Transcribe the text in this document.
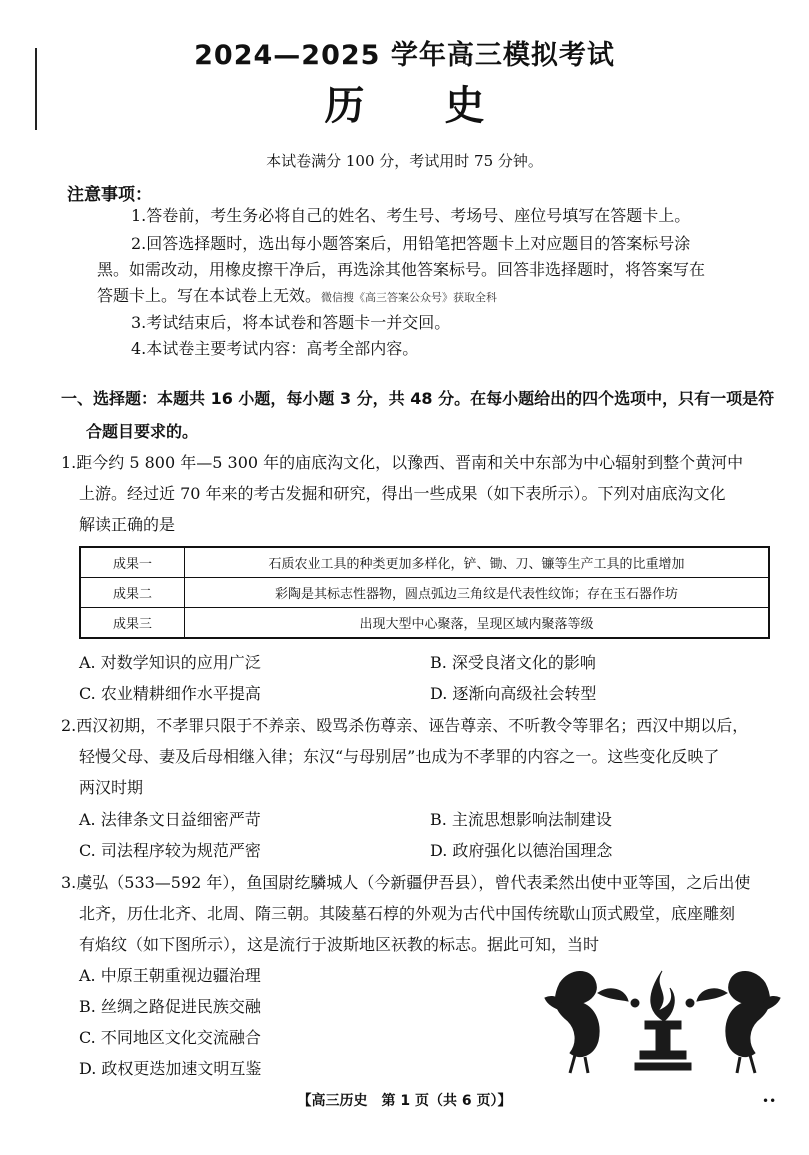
2024—2025 学年高三模拟考试
历　　史
本试卷满分 100 分，考试用时 75 分钟。
注意事项：
1.答卷前，考生务必将自己的姓名、考生号、考场号、座位号填写在答题卡上。
2.回答选择题时，选出每小题答案后，用铅笔把答题卡上对应题目的答案标号涂
黑。如需改动，用橡皮擦干净后，再选涂其他答案标号。回答非选择题时，将答案写在
答题卡上。写在本试卷上无效。微信搜《高三答案公众号》获取全科
3.考试结束后，将本试卷和答题卡一并交回。
4.本试卷主要考试内容：高考全部内容。
一、选择题：本题共 16 小题，每小题 3 分，共 48 分。在每小题给出的四个选项中，只有一项是符
合题目要求的。
1.距今约 5 800 年—5 300 年的庙底沟文化，以豫西、晋南和关中东部为中心辐射到整个黄河中
上游。经过近 70 年来的考古发掘和研究，得出一些成果（如下表所示）。下列对庙底沟文化
解读正确的是
成果一	石质农业工具的种类更加多样化，铲、锄、刀、镰等生产工具的比重增加
成果二	彩陶是其标志性器物，圆点弧边三角纹是代表性纹饰；存在玉石器作坊
成果三	出现大型中心聚落，呈现区域内聚落等级
A. 对数学知识的应用广泛	B. 深受良渚文化的影响
C. 农业精耕细作水平提高	D. 逐渐向高级社会转型
2.西汉初期，不孝罪只限于不养亲、殴骂杀伤尊亲、诬告尊亲、不听教令等罪名；西汉中期以后，
轻慢父母、妻及后母相继入律；东汉“与母别居”也成为不孝罪的内容之一。这些变化反映了
两汉时期
A. 法律条文日益细密严苛	B. 主流思想影响法制建设
C. 司法程序较为规范严密	D. 政府强化以德治国理念
3.虞弘（533—592 年），鱼国尉纥驎城人（今新疆伊吾县），曾代表柔然出使中亚等国，之后出使
北齐，历仕北齐、北周、隋三朝。其陵墓石椁的外观为古代中国传统歇山顶式殿堂，底座雕刻
有焰纹（如下图所示），这是流行于波斯地区祆教的标志。据此可知，当时
A. 中原王朝重视边疆治理
B. 丝绸之路促进民族交融
C. 不同地区文化交流融合
D. 政权更迭加速文明互鉴
【高三历史　第 1 页（共 6 页）】	••
